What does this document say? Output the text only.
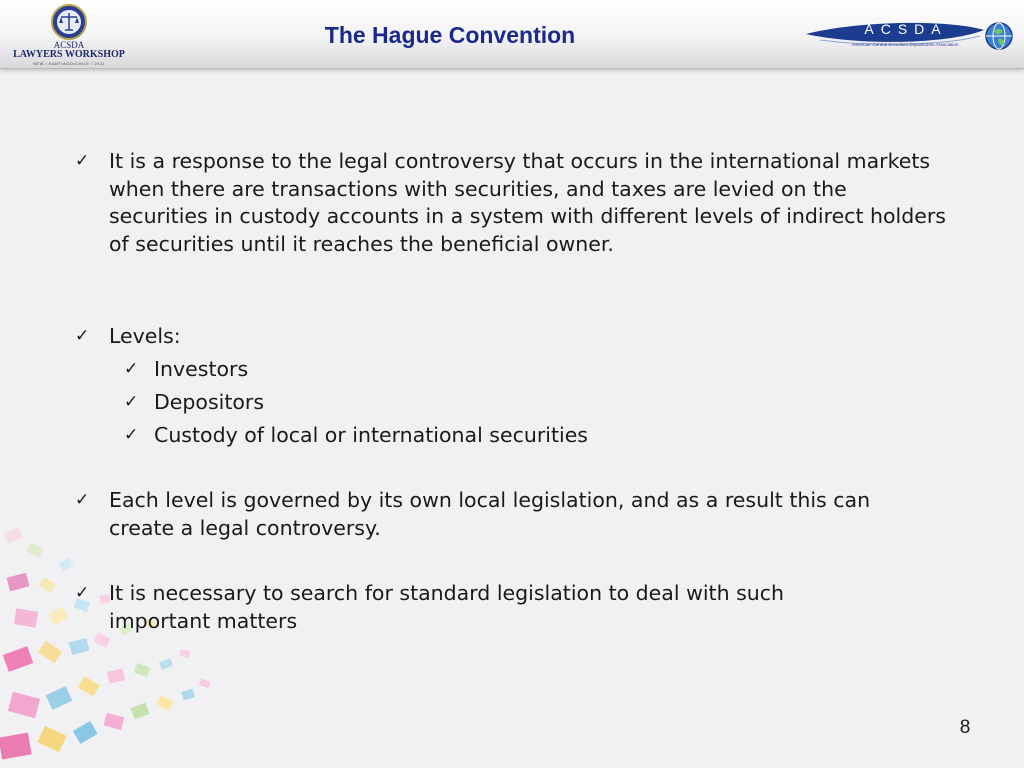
ACSDA
LAWYERS WORKSHOP
NEW / SANTIAGO•CHILE / 2011
The Hague Convention	ACSDA
Americas' Central Securities Depositories Association
✓ It is a response to the legal controversy that occurs in the international markets when there are transactions with securities, and taxes are levied on the securities in custody accounts in a system with different levels of indirect holders of securities until it reaches the beneficial owner.
✓ Levels:
✓ Investors
✓ Depositors
✓ Custody of local or international securities
✓ Each level is governed by its own local legislation, and as a result this can create a legal controversy.
✓ It is necessary to search for standard legislation to deal with such important matters
8
